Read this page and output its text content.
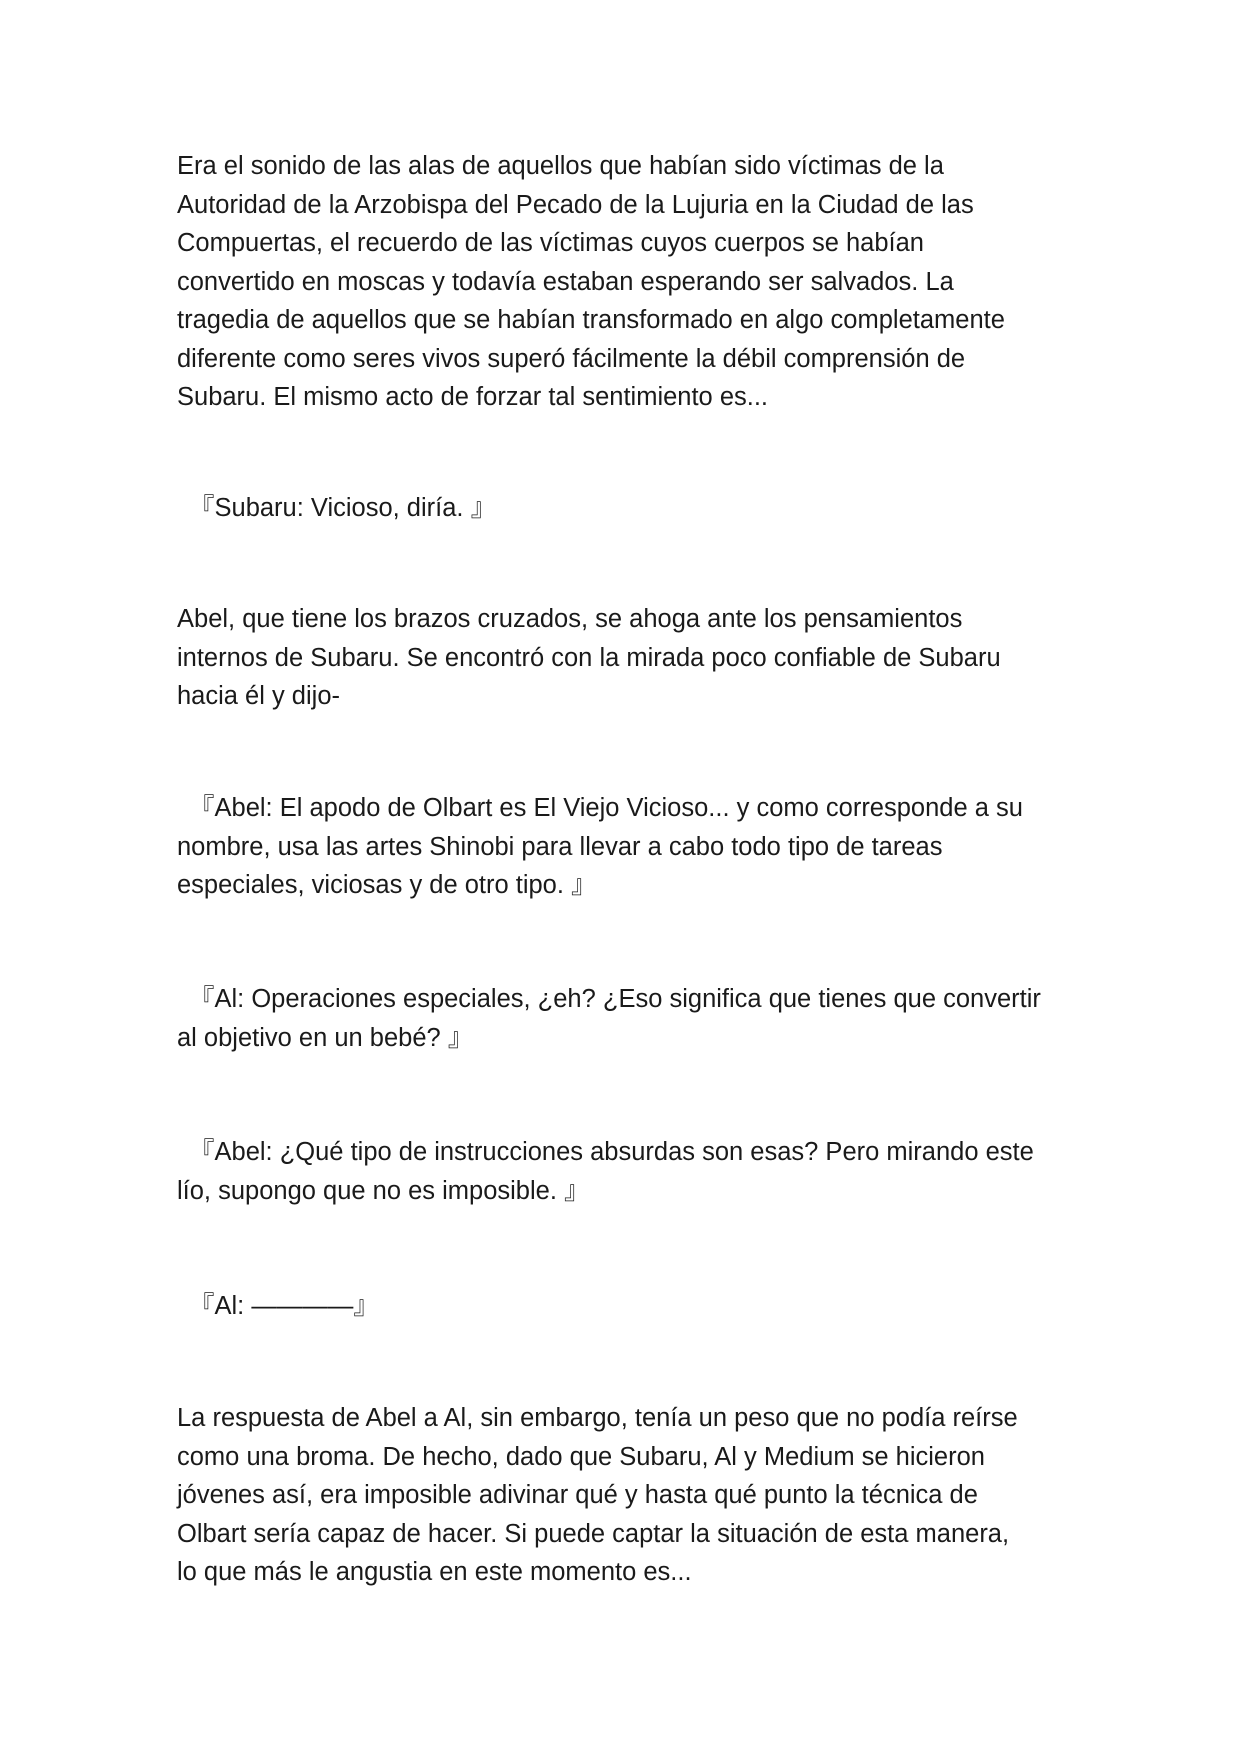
Era el sonido de las alas de aquellos que habían sido víctimas de la
Autoridad de la Arzobispa del Pecado de la Lujuria en la Ciudad de las
Compuertas, el recuerdo de las víctimas cuyos cuerpos se habían
convertido en moscas y todavía estaban esperando ser salvados. La
tragedia de aquellos que se habían transformado en algo completamente
diferente como seres vivos superó fácilmente la débil comprensión de
Subaru. El mismo acto de forzar tal sentimiento es...

『Subaru: Vicioso, diría. 』

Abel, que tiene los brazos cruzados, se ahoga ante los pensamientos
internos de Subaru. Se encontró con la mirada poco confiable de Subaru
hacia él y dijo-

『Abel: El apodo de Olbart es El Viejo Vicioso... y como corresponde a su
nombre, usa las artes Shinobi para llevar a cabo todo tipo de tareas
especiales, viciosas y de otro tipo. 』

『Al: Operaciones especiales, ¿eh? ¿Eso significa que tienes que convertir
al objetivo en un bebé? 』

『Abel: ¿Qué tipo de instrucciones absurdas son esas? Pero mirando este
lío, supongo que no es imposible. 』

『Al: ————』

La respuesta de Abel a Al, sin embargo, tenía un peso que no podía reírse
como una broma. De hecho, dado que Subaru, Al y Medium se hicieron
jóvenes así, era imposible adivinar qué y hasta qué punto la técnica de
Olbart sería capaz de hacer. Si puede captar la situación de esta manera,
lo que más le angustia en este momento es...
